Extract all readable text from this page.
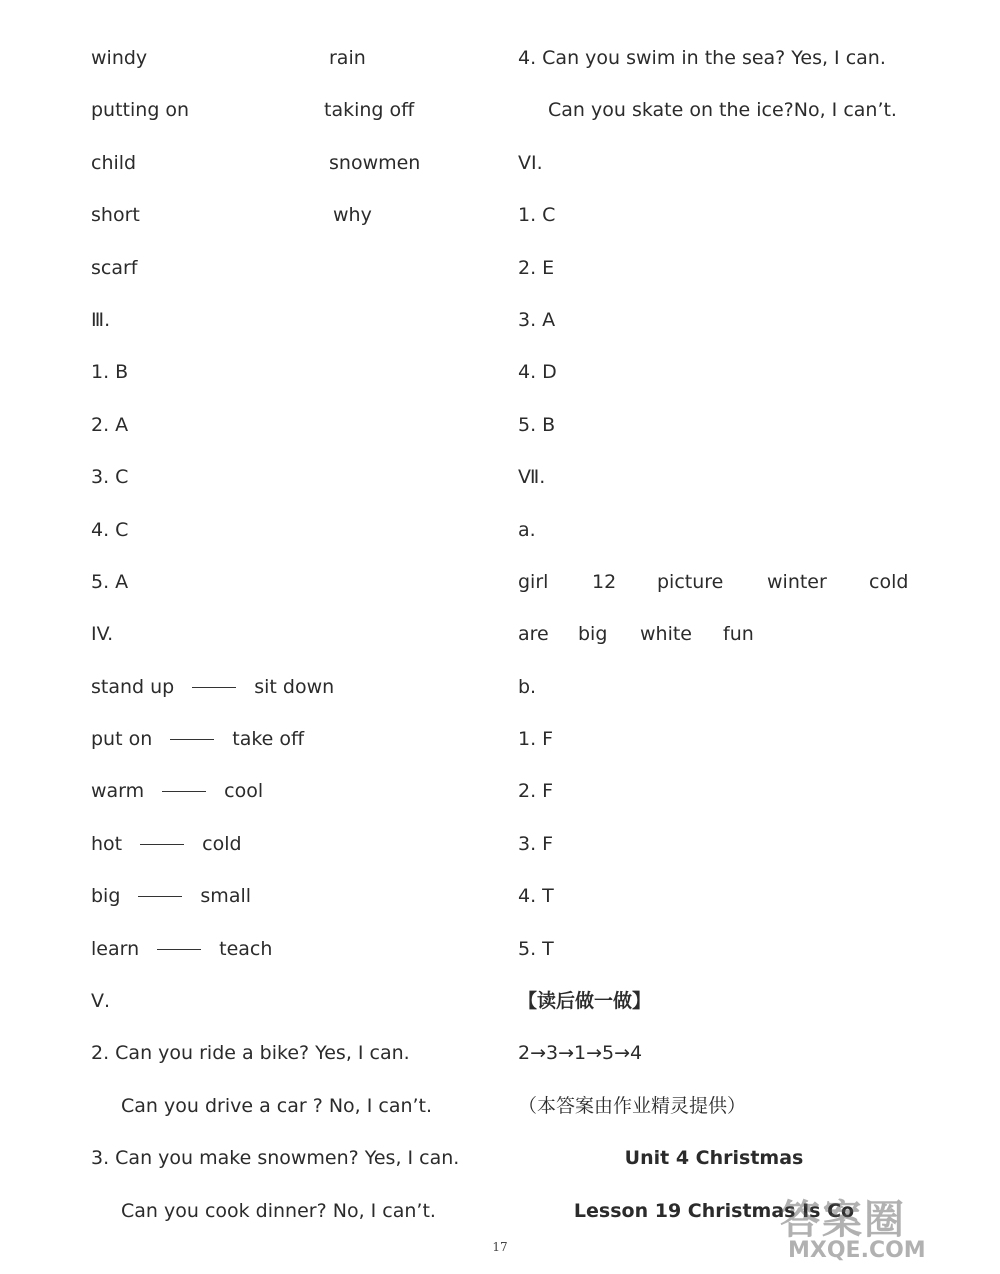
windy	rain
putting on	taking off
child	snowmen
short	why
scarf
Ⅲ.
1. B
2. A
3. C
4. C
5. A
IV.
stand up	sit down
put on	take off
warm	cool
hot	cold
big	small
learn	teach
Ⅴ.
2. Can you ride a bike? Yes, I can.
Can you drive a car ? No, I can’t.
3. Can you make snowmen? Yes, I can.
Can you cook dinner? No, I can’t.
4. Can you swim in the sea? Yes, I can.
Can you skate on the ice?No, I can’t.
VI.
1. C
2. E
3. A
4. D
5. B
Ⅶ.
a.
girl 12 picture winter cold
are big white fun
b.
1. F
2. F
3. F
4. T
5. T
【读后做一做】
2→3→1→5→4
（本答案由作业精灵提供）
Unit 4 Christmas
Lesson 19 Christmas Is Co
17
答案圈
MXQE.COM
